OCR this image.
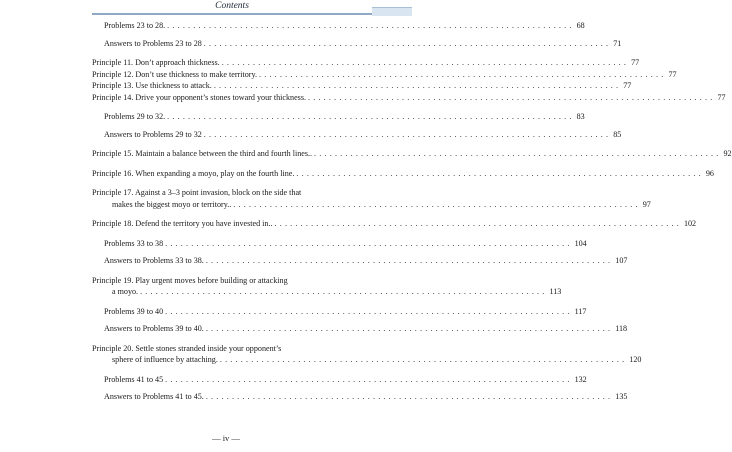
Contents
Problems 23 to 28. .............................................................................. 68
Answers to Problems 23 to 28 .............................................................................. 71
Principle 11. Don’t approach thickness. .............................................................................. 77
Principle 12. Don’t use thickness to make territory. .............................................................................. 77
Principle 13. Use thickness to attack. .............................................................................. 77
Principle 14. Drive your opponent’s stones toward your thickness. .............................................................................. 77
Problems 29 to 32. .............................................................................. 83
Answers to Problems 29 to 32 .............................................................................. 85
Principle 15. Maintain a balance between the third and fourth lines.. .............................................................................. 92
Principle 16. When expanding a moyo, play on the fourth line. .............................................................................. 96
Principle 17. Against a 3–3 point invasion, block on the side that
makes the biggest moyo or territory.. .............................................................................. 97
Principle 18. Defend the territory you have invested in.. .............................................................................. 102
Problems 33 to 38 .............................................................................. 104
Answers to Problems 33 to 38. .............................................................................. 107
Principle 19. Play urgent moves before building or attacking
a moyo. .............................................................................. 113
Problems 39 to 40 .............................................................................. 117
Answers to Problems 39 to 40. .............................................................................. 118
Principle 20. Settle stones stranded inside your opponent’s
sphere of influence by attaching. .............................................................................. 120
Problems 41 to 45 .............................................................................. 132
Answers to Problems 41 to 45. .............................................................................. 135
— iv —
